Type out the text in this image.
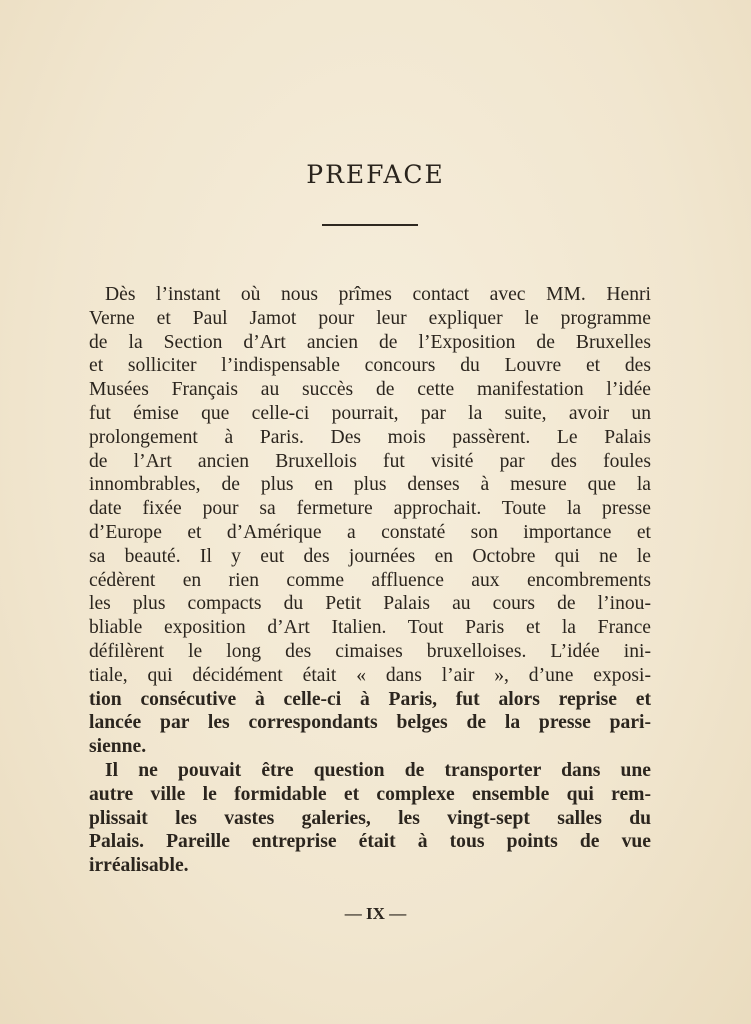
PREFACE
Dès l’instant où nous prîmes contact avec MM. Henri
Verne et Paul Jamot pour leur expliquer le programme
de la Section d’Art ancien de l’Exposition de Bruxelles
et solliciter l’indispensable concours du Louvre et des
Musées Français au succès de cette manifestation l’idée
fut émise que celle-ci pourrait, par la suite, avoir un
prolongement à Paris. Des mois passèrent. Le Palais
de l’Art ancien Bruxellois fut visité par des foules
innombrables, de plus en plus denses à mesure que la
date fixée pour sa fermeture approchait. Toute la presse
d’Europe et d’Amérique a constaté son importance et
sa beauté. Il y eut des journées en Octobre qui ne le
cédèrent en rien comme affluence aux encombrements
les plus compacts du Petit Palais au cours de l’inou-
bliable exposition d’Art Italien. Tout Paris et la France
défilèrent le long des cimaises bruxelloises. L’idée ini-
tiale, qui décidément était « dans l’air », d’une exposi-
tion consécutive à celle-ci à Paris, fut alors reprise et
lancée par les correspondants belges de la presse pari-
sienne.
Il ne pouvait être question de transporter dans une
autre ville le formidable et complexe ensemble qui rem-
plissait les vastes galeries, les vingt-sept salles du
Palais. Pareille entreprise était à tous points de vue
irréalisable.
— IX —
